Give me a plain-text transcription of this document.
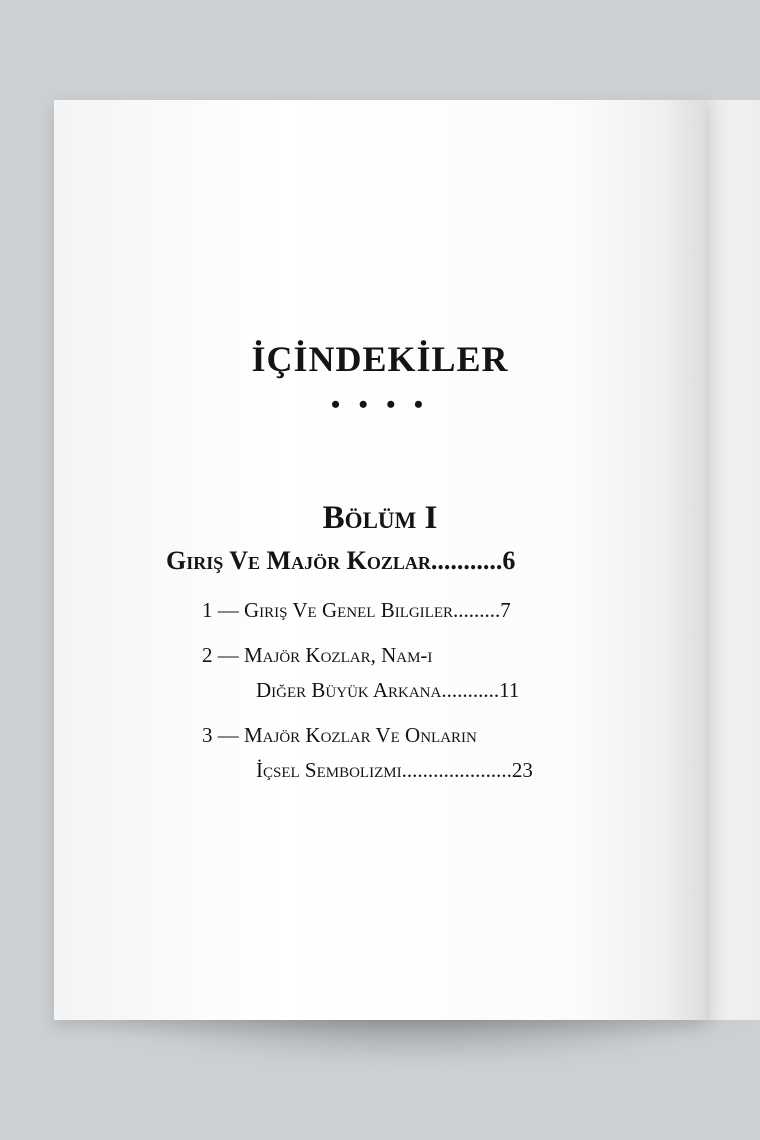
İÇİNDEKİLER
• • • •
Bölüm I
Giriş Ve Majör Kozlar...........6
1 — Giriş Ve Genel Bilgiler.........7
2 — Majör Kozlar, Nam-ı
Diğer Büyük Arkana...........11
3 — Majör Kozlar Ve Onların
İçsel Sembolizmi.....................23
